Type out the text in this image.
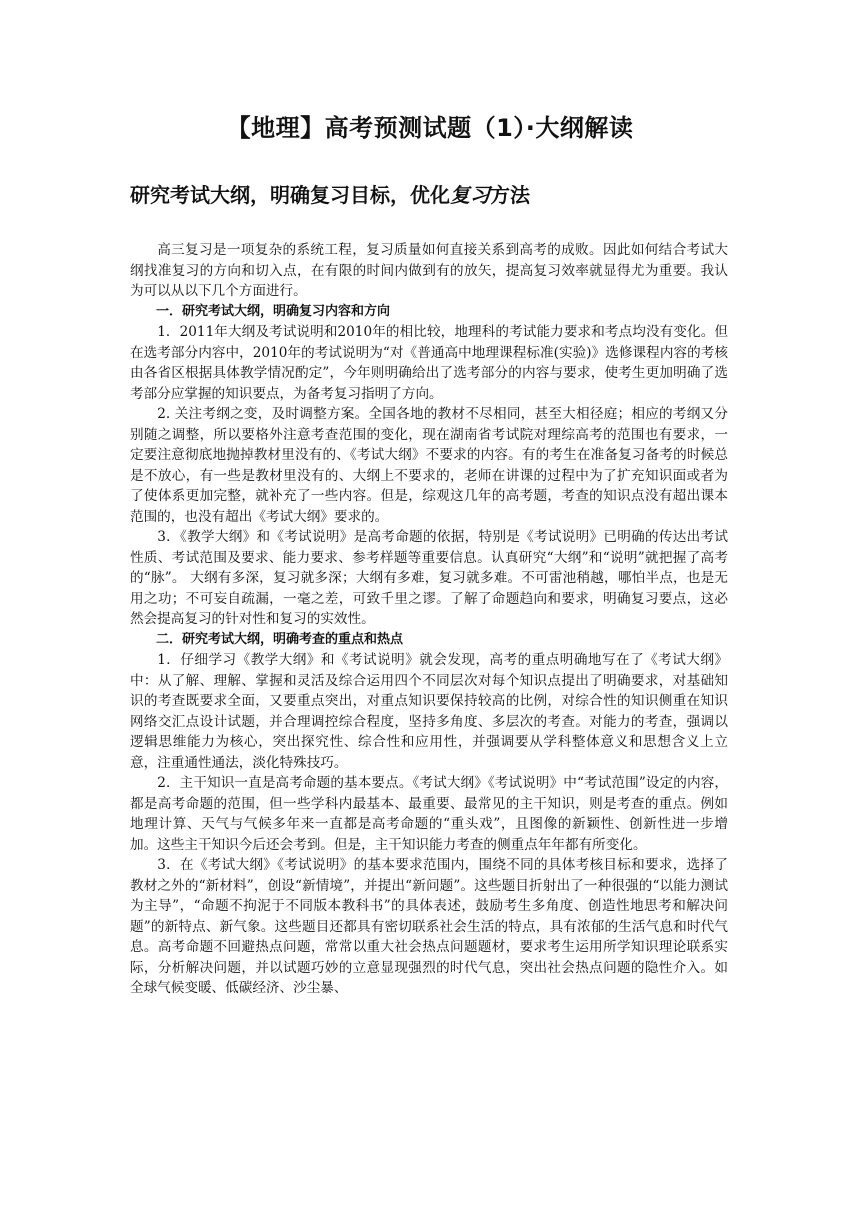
【地理】高考预测试题（1）·大纲解读
研究考试大纲，明确复习目标，优化复习方法

高三复习是一项复杂的系统工程，复习质量如何直接关系到高考的成败。因此如何结合考试大纲找准复习的方向和切入点，在有限的时间内做到有的放矢，提高复习效率就显得尤为重要。我认为可以从以下几个方面进行。

一．研究考试大纲，明确复习内容和方向

1．2011年大纲及考试说明和2010年的相比较，地理科的考试能力要求和考点均没有变化。但在选考部分内容中，2010年的考试说明为“对《普通高中地理课程标准(实验)》选修课程内容的考核由各省区根据具体教学情况酌定”，今年则明确给出了选考部分的内容与要求，使考生更加明确了选考部分应掌握的知识要点，为备考复习指明了方向。

2. 关注考纲之变，及时调整方案。全国各地的教材不尽相同，甚至大相径庭；相应的考纲又分别随之调整，所以要格外注意考查范围的变化，现在湖南省考试院对理综高考的范围也有要求，一定要注意彻底地抛掉教材里没有的、《考试大纲》不要求的内容。有的考生在准备复习备考的时候总是不放心，有一些是教材里没有的、大纲上不要求的，老师在讲课的过程中为了扩充知识面或者为了使体系更加完整，就补充了一些内容。但是，综观这几年的高考题，考查的知识点没有超出课本范围的，也没有超出《考试大纲》要求的。

3．《教学大纲》和《考试说明》是高考命题的依据，特别是《考试说明》已明确的传达出考试性质、考试范围及要求、能力要求、参考样题等重要信息。认真研究“大纲”和“说明”就把握了高考的“脉”。 大纲有多深，复习就多深；大纲有多难，复习就多难。不可雷池稍越，哪怕半点，也是无用之功；不可妄自疏漏，一毫之差，可致千里之谬。了解了命题趋向和要求，明确复习要点，这必然会提高复习的针对性和复习的实效性。

二．研究考试大纲，明确考查的重点和热点

1．仔细学习《教学大纲》和《考试说明》就会发现，高考的重点明确地写在了《考试大纲》中：从了解、理解、掌握和灵活及综合运用四个不同层次对每个知识点提出了明确要求，对基础知识的考查既要求全面，又要重点突出，对重点知识要保持较高的比例，对综合性的知识侧重在知识网络交汇点设计试题，并合理调控综合程度，坚持多角度、多层次的考查。对能力的考查，强调以逻辑思维能力为核心，突出探究性、综合性和应用性，并强调要从学科整体意义和思想含义上立意，注重通性通法，淡化特殊技巧。

2．主干知识一直是高考命题的基本要点。《考试大纲》《考试说明》中“考试范围”设定的内容，都是高考命题的范围，但一些学科内最基本、最重要、最常见的主干知识，则是考查的重点。例如地理计算、天气与气候多年来一直都是高考命题的“重头戏”，且图像的新颖性、创新性进一步增加。这些主干知识今后还会考到。但是，主干知识能力考查的侧重点年年都有所变化。

3．在《考试大纲》《考试说明》的基本要求范围内，围绕不同的具体考核目标和要求，选择了教材之外的“新材料”，创设“新情境”，并提出“新问题”。这些题目折射出了一种很强的“以能力测试为主导”，“命题不拘泥于不同版本教科书”的具体表述，鼓励考生多角度、创造性地思考和解决问题”的新特点、新气象。这些题目还都具有密切联系社会生活的特点，具有浓郁的生活气息和时代气息。高考命题不回避热点问题，常常以重大社会热点问题题材，要求考生运用所学知识理论联系实际，分析解决问题，并以试题巧妙的立意显现强烈的时代气息，突出社会热点问题的隐性介入。如全球气候变暖、低碳经济、沙尘暴、
